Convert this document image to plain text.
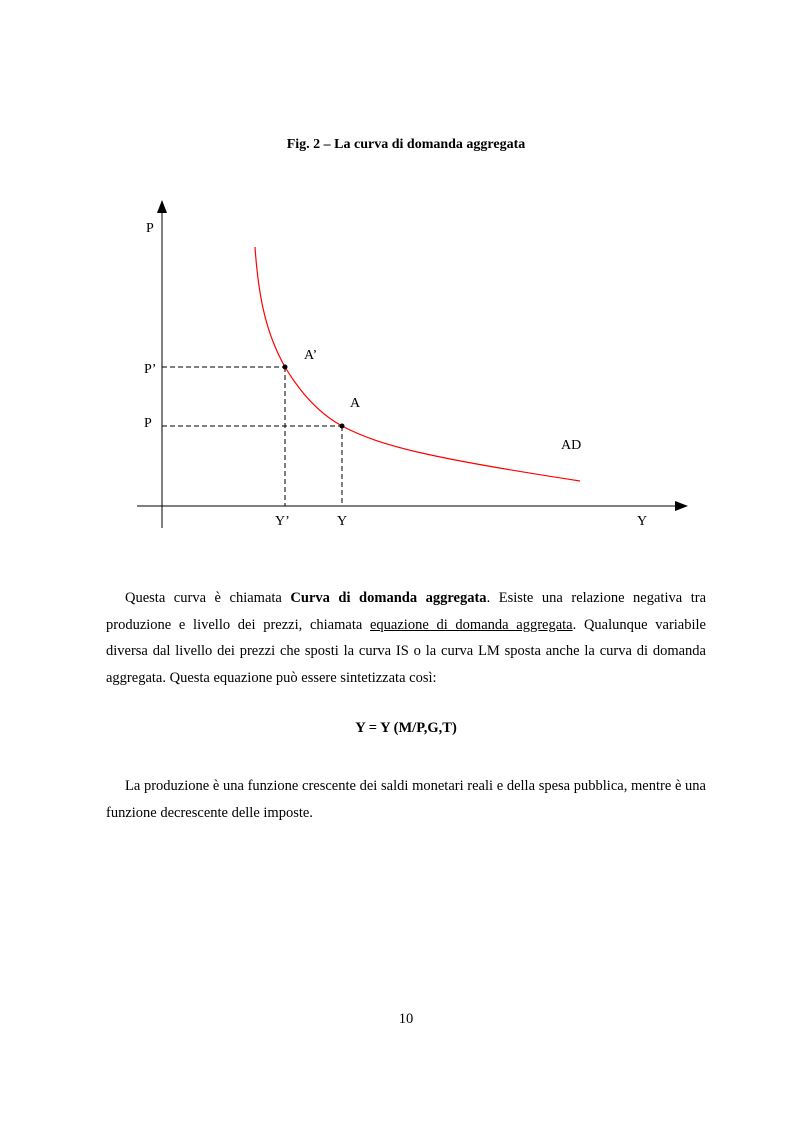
Fig. 2 – La curva di domanda aggregata
P
P’
P
A’
A
AD
Y’	Y	Y

Questa curva è chiamata Curva di domanda aggregata. Esiste una relazione negativa tra produzione e livello dei prezzi, chiamata equazione di domanda aggregata. Qualunque variabile diversa dal livello dei prezzi che sposti la curva IS o la curva LM sposta anche la curva di domanda aggregata. Questa equazione può essere sintetizzata così:

Y = Y (M/P,G,T)

La produzione è una funzione crescente dei saldi monetari reali e della spesa pubblica, mentre è una funzione decrescente delle imposte.

10
